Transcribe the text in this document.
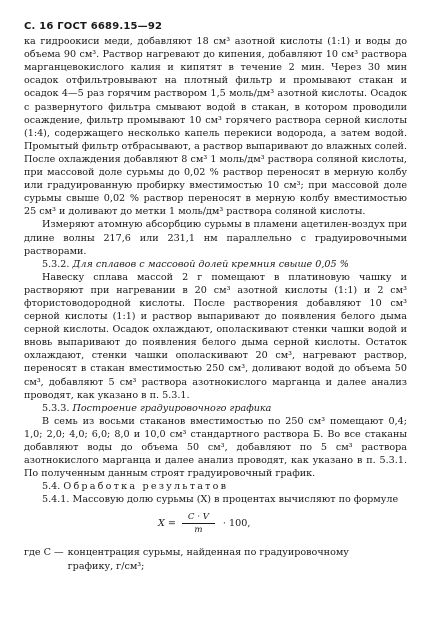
С. 16 ГОСТ 6689.15—92

ка гидроокиси меди, добавляют 18 см³ азотной кислоты (1:1) и воды до объема 90 см³. Раствор нагревают до кипения, добавляют 10 см³ раствора марганцевокислого калия и кипятят в течение 2 мин. Через 30 мин осадок отфильтровывают на плотный фильтр и промывают стакан и осадок 4—5 раз горячим раствором 1,5 моль/дм³ азотной кислоты. Осадок с развернутого фильтра смывают водой в стакан, в котором проводили осаждение, фильтр промывают 10 см³ горячего раствора серной кислоты (1:4), содержащего несколько капель перекиси водорода, а затем водой. Промытый фильтр отбрасывают, а раствор выпаривают до влажных солей. После охлаждения добавляют 8 см³ 1 моль/дм³ раствора соляной кислоты, при массовой доле сурьмы до 0,02 % раствор переносят в мерную колбу или градуированную пробирку вместимостью 10 см³; при массовой доле сурьмы свыше 0,02 % раствор переносят в мерную колбу вместимостью 25 см³ и доливают до метки 1 моль/дм³ раствора соляной кислоты.

Измеряют атомную абсорбцию сурьмы в пламени ацетилен-воздух при длине волны 217,6 или 231,1 нм параллельно с градуировочными растворами.

5.3.2. Для сплавов с массовой долей кремния свыше 0,05 %

Навеску сплава массой 2 г помещают в платиновую чашку и растворяют при нагревании в 20 см³ азотной кислоты (1:1) и 2 см³ фтористоводородной кислоты. После растворения добавляют 10 см³ серной кислоты (1:1) и раствор выпаривают до появления белого дыма серной кислоты. Осадок охлаждают, ополаскивают стенки чашки водой и вновь выпаривают до появления белого дыма серной кислоты. Остаток охлаждают, стенки чашки ополаскивают 20 см³, нагревают раствор, переносят в стакан вместимостью 250 см³, доливают водой до объема 50 см³, добавляют 5 см³ раствора азотнокислого марганца и далее анализ проводят, как указано в п. 5.3.1.

5.3.3. Построение градуировочного графика

В семь из восьми стаканов вместимостью по 250 см³ помещают 0,4; 1,0; 2,0; 4,0; 6,0; 8,0 и 10,0 см³ стандартного раствора Б. Во все стаканы добавляют воды до объема 50 см³, добавляют по 5 см³ раствора азотнокислого марганца и далее анализ проводят, как указано в п. 5.3.1. По полученным данным строят градуировочный график.

5.4. Обработка результатов

5.4.1. Массовую долю сурьмы (X) в процентах вычисляют по формуле

$X = \frac{C \cdot V}{m} \cdot 100$,
где C — концентрация сурьмы, найденная по градуировочному
графику, г/см³;
